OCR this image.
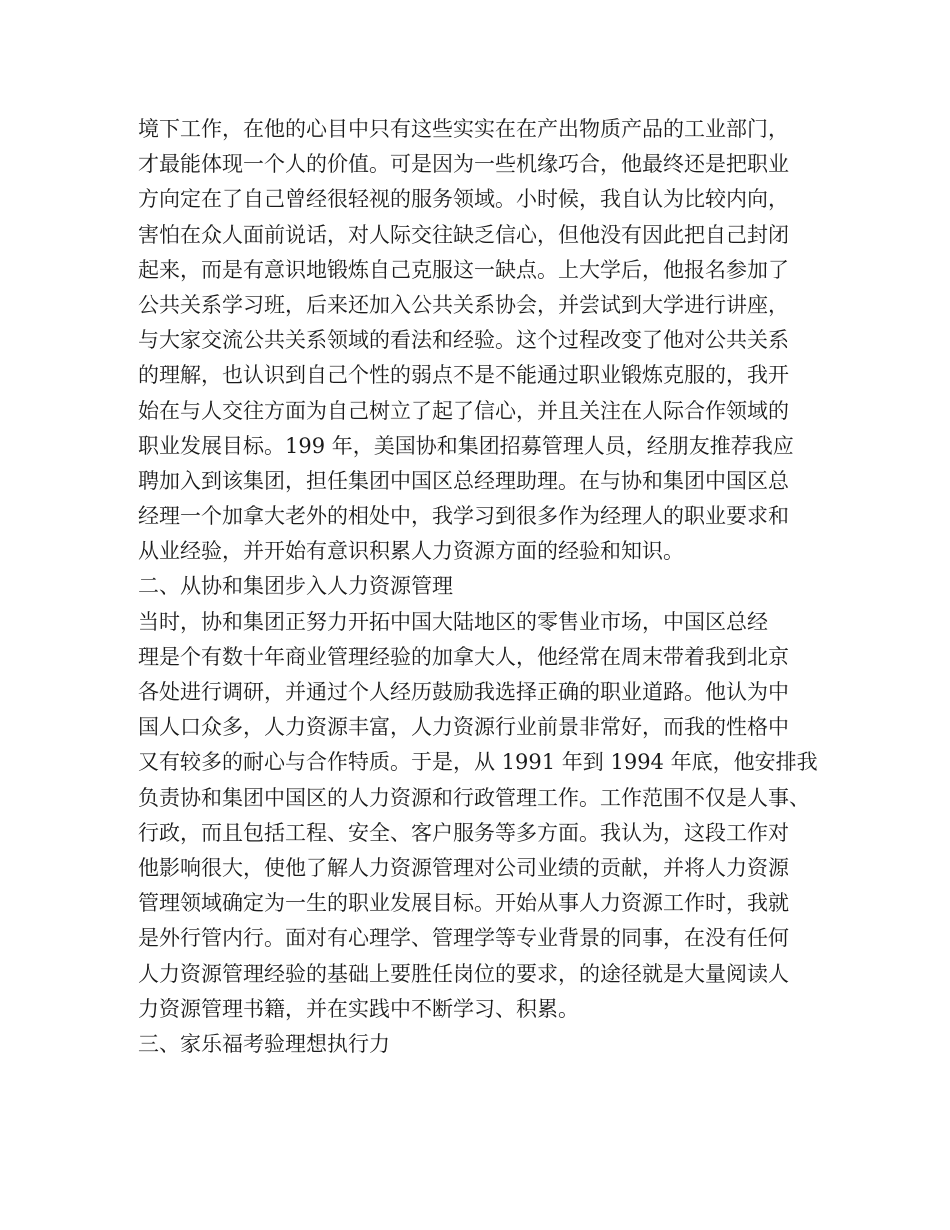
境下工作，在他的心目中只有这些实实在在产出物质产品的工业部门，
才最能体现一个人的价值。可是因为一些机缘巧合，他最终还是把职业
方向定在了自己曾经很轻视的服务领域。小时候，我自认为比较内向，
害怕在众人面前说话，对人际交往缺乏信心，但他没有因此把自己封闭
起来，而是有意识地锻炼自己克服这一缺点。上大学后，他报名参加了
公共关系学习班，后来还加入公共关系协会，并尝试到大学进行讲座，
与大家交流公共关系领域的看法和经验。这个过程改变了他对公共关系
的理解，也认识到自己个性的弱点不是不能通过职业锻炼克服的，我开
始在与人交往方面为自己树立了起了信心，并且关注在人际合作领域的
职业发展目标。199 年，美国协和集团招募管理人员，经朋友推荐我应
聘加入到该集团，担任集团中国区总经理助理。在与协和集团中国区总
经理一个加拿大老外的相处中，我学习到很多作为经理人的职业要求和
从业经验，并开始有意识积累人力资源方面的经验和知识。
二、从协和集团步入人力资源管理
当时，协和集团正努力开拓中国大陆地区的零售业市场，中国区总经
理是个有数十年商业管理经验的加拿大人，他经常在周末带着我到北京
各处进行调研，并通过个人经历鼓励我选择正确的职业道路。他认为中
国人口众多，人力资源丰富，人力资源行业前景非常好，而我的性格中
又有较多的耐心与合作特质。于是，从 1991 年到 1994 年底，他安排我
负责协和集团中国区的人力资源和行政管理工作。工作范围不仅是人事、
行政，而且包括工程、安全、客户服务等多方面。我认为，这段工作对
他影响很大，使他了解人力资源管理对公司业绩的贡献，并将人力资源
管理领域确定为一生的职业发展目标。开始从事人力资源工作时，我就
是外行管内行。面对有心理学、管理学等专业背景的同事，在没有任何
人力资源管理经验的基础上要胜任岗位的要求，的途径就是大量阅读人
力资源管理书籍，并在实践中不断学习、积累。
三、家乐福考验理想执行力
